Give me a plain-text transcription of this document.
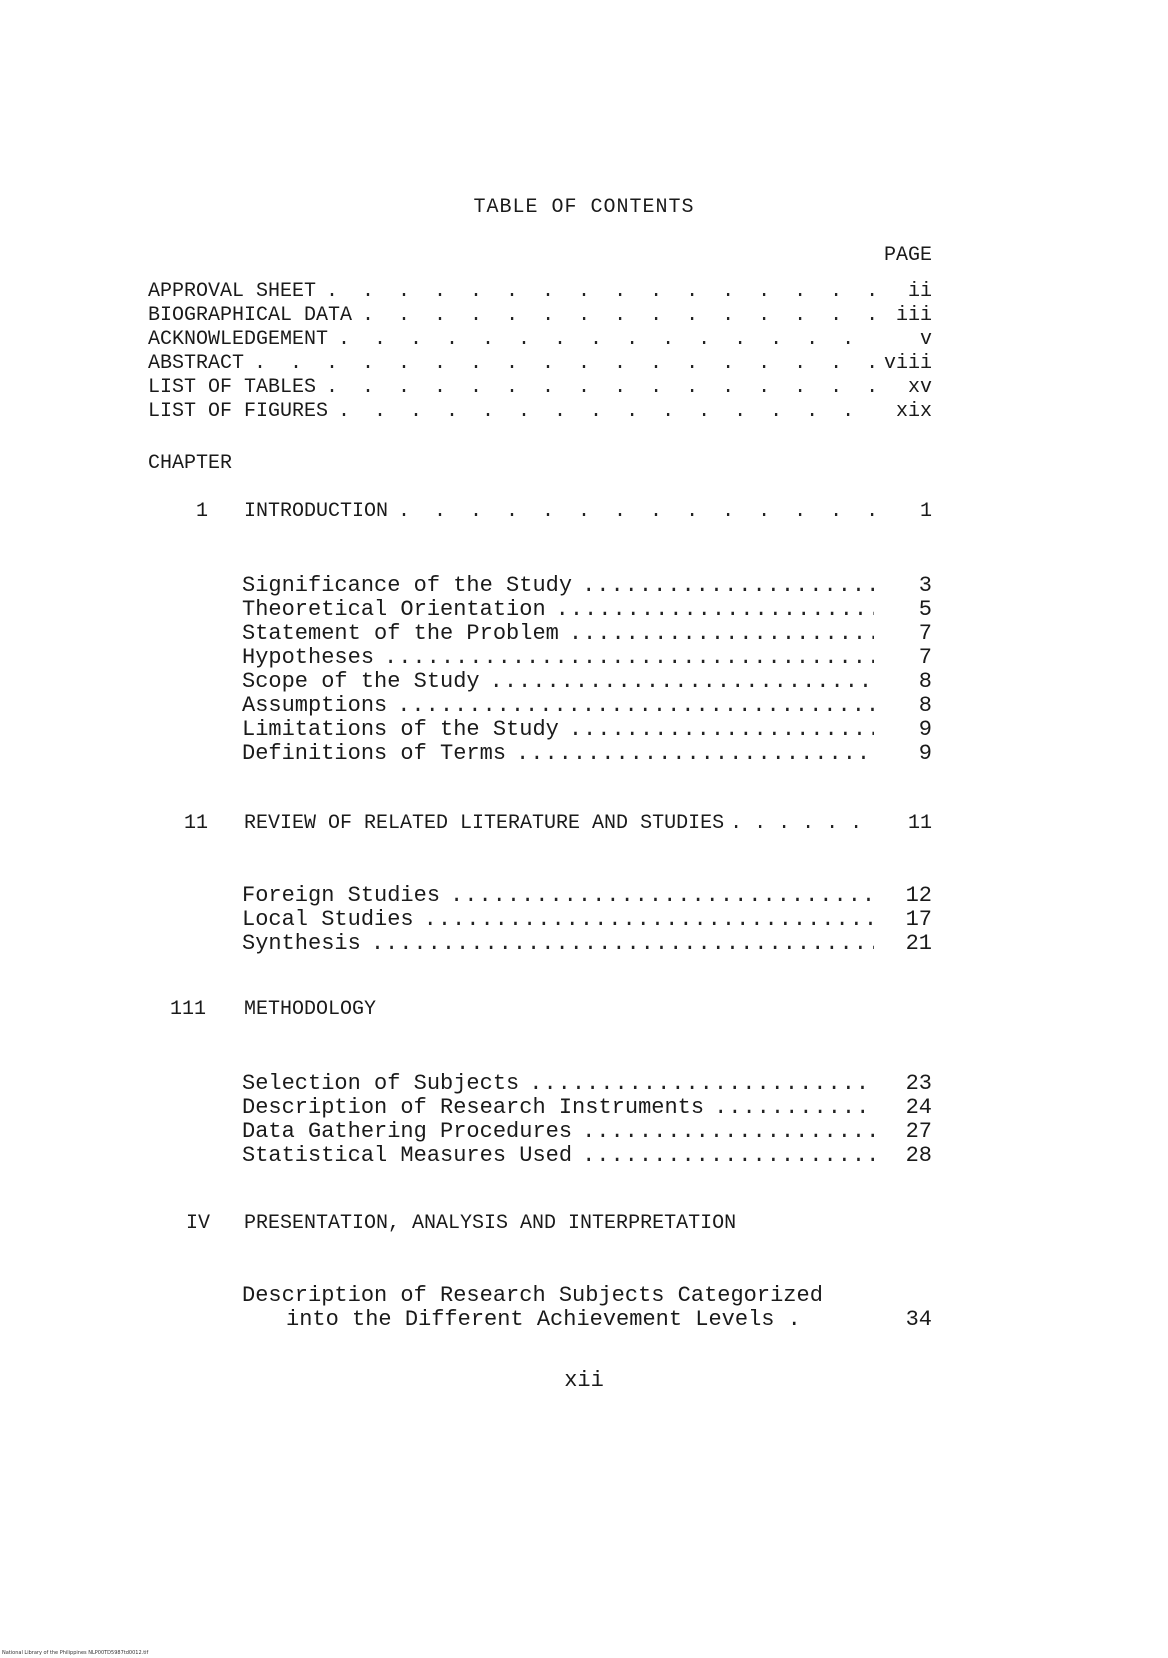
TABLE OF CONTENTS
PAGE
APPROVAL SHEET . . .	ii
BIOGRAPHICAL DATA . . .	iii
ACKNOWLEDGEMENT . . .	v
ABSTRACT . . .	viii
LIST OF TABLES . . .	xv
LIST OF FIGURES . . .	xix
CHAPTER
1 INTRODUCTION . . .	1
Significance of the Study .....	3
Theoretical Orientation .....	5
Statement of the Problem .....	7
Hypotheses .....	7
Scope of the Study .....	8
Assumptions .....	8
Limitations of the Study .....	9
Definitions of Terms .....	9
11 REVIEW OF RELATED LITERATURE AND STUDIES . . .	11
Foreign Studies .....	12
Local Studies .....	17
Synthesis .....	21
111 METHODOLOGY
Selection of Subjects .....	23
Description of Research Instruments .....	24
Data Gathering Procedures .....	27
Statistical Measures Used .....	28
IV PRESENTATION, ANALYSIS AND INTERPRETATION
Description of Research Subjects Categorized
into the Different Achievement Levels .	34
xii
National Library of the Philippines NLP00TD5987td0012.tif
